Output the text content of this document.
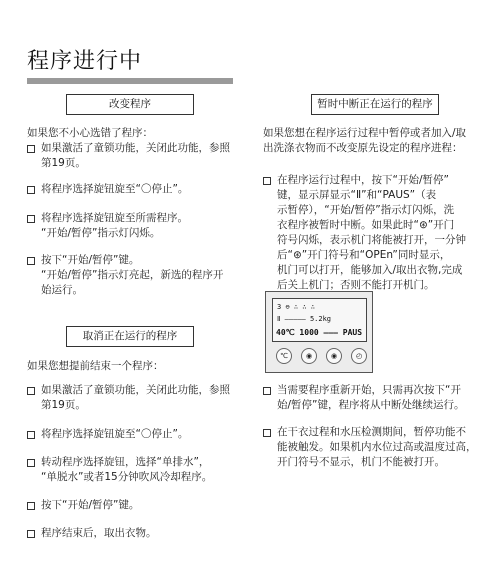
程序进行中
改变程序
如果您不小心选错了程序：
如果激活了童锁功能，关闭此功能，参照
第19页。
将程序选择旋钮旋至“〇停止”。
将程序选择旋钮旋至所需程序。
“开始/暂停”指示灯闪烁。
按下“开始/暂停”键。
“开始/暂停”指示灯亮起，新选的程序开
始运行。
取消正在运行的程序
如果您想提前结束一个程序：
如果激活了童锁功能，关闭此功能，参照
第19页。
将程序选择旋钮旋至“〇停止”。
转动程序选择旋钮，选择“单排水”，
“单脱水”或者15分钟吹风冷却程序。
按下“开始/暂停”键。
程序结束后，取出衣物。
暂时中断正在运行的程序
如果您想在程序运行过程中暂停或者加入/取
出洗涤衣物而不改变原先设定的程序进程：
在程序运行过程中，按下“开始/暂停”
键，显示屏显示“Ⅱ”和“PAUS”（表
示暂停），“开始/暂停”指示灯闪烁，洗
衣程序被暂时中断。如果此时“⊛”开门
符号闪烁，表示机门将能被打开，一分钟
后“⊛”开门符号和“OPEn”同时显示，
机门可以打开，能够加入/取出衣物,完成
后关上机门；否则不能打开机门。
3 ⊖ ∴ ∴ ∴
Ⅱ ――――― 5.2kg
40℃ 1000 ‒‒‒ PAUS
℃	◉	◉	◴
当需要程序重新开始，只需再次按下“开
始/暂停”键，程序将从中断处继续运行。
在干衣过程和水压检测期间，暂停功能不
能被触发。如果机内水位过高或温度过高，
开门符号不显示，机门不能被打开。
